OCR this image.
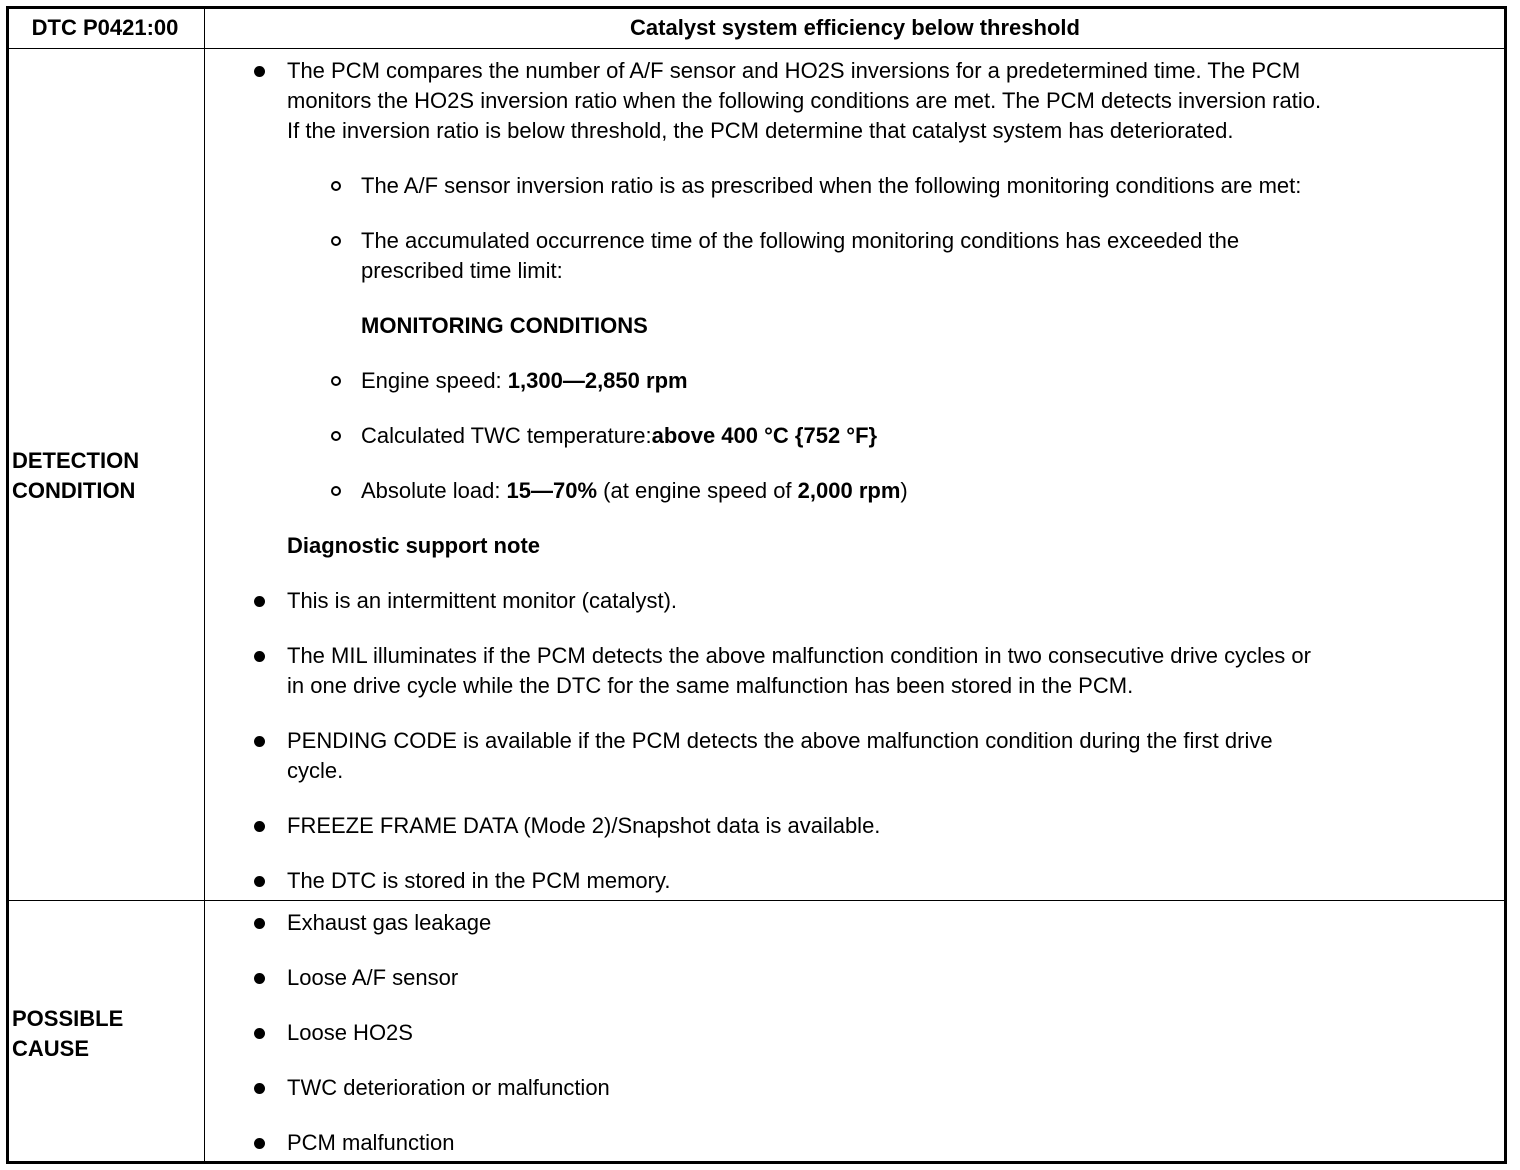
DTC P0421:00	Catalyst system efficiency below threshold
DETECTION
CONDITION
The PCM compares the number of A/F sensor and HO2S inversions for a predetermined time. The PCM
monitors the HO2S inversion ratio when the following conditions are met. The PCM detects inversion ratio.
If the inversion ratio is below threshold, the PCM determine that catalyst system has deteriorated.
The A/F sensor inversion ratio is as prescribed when the following monitoring conditions are met:
The accumulated occurrence time of the following monitoring conditions has exceeded the
prescribed time limit:
MONITORING CONDITIONS
Engine speed: 1,300—2,850 rpm
Calculated TWC temperature:above 400 °C {752 °F}
Absolute load: 15—70% (at engine speed of 2,000 rpm)
Diagnostic support note
This is an intermittent monitor (catalyst).
The MIL illuminates if the PCM detects the above malfunction condition in two consecutive drive cycles or
in one drive cycle while the DTC for the same malfunction has been stored in the PCM.
PENDING CODE is available if the PCM detects the above malfunction condition during the first drive
cycle.
FREEZE FRAME DATA (Mode 2)/Snapshot data is available.
The DTC is stored in the PCM memory.
POSSIBLE
CAUSE
Exhaust gas leakage
Loose A/F sensor
Loose HO2S
TWC deterioration or malfunction
PCM malfunction
